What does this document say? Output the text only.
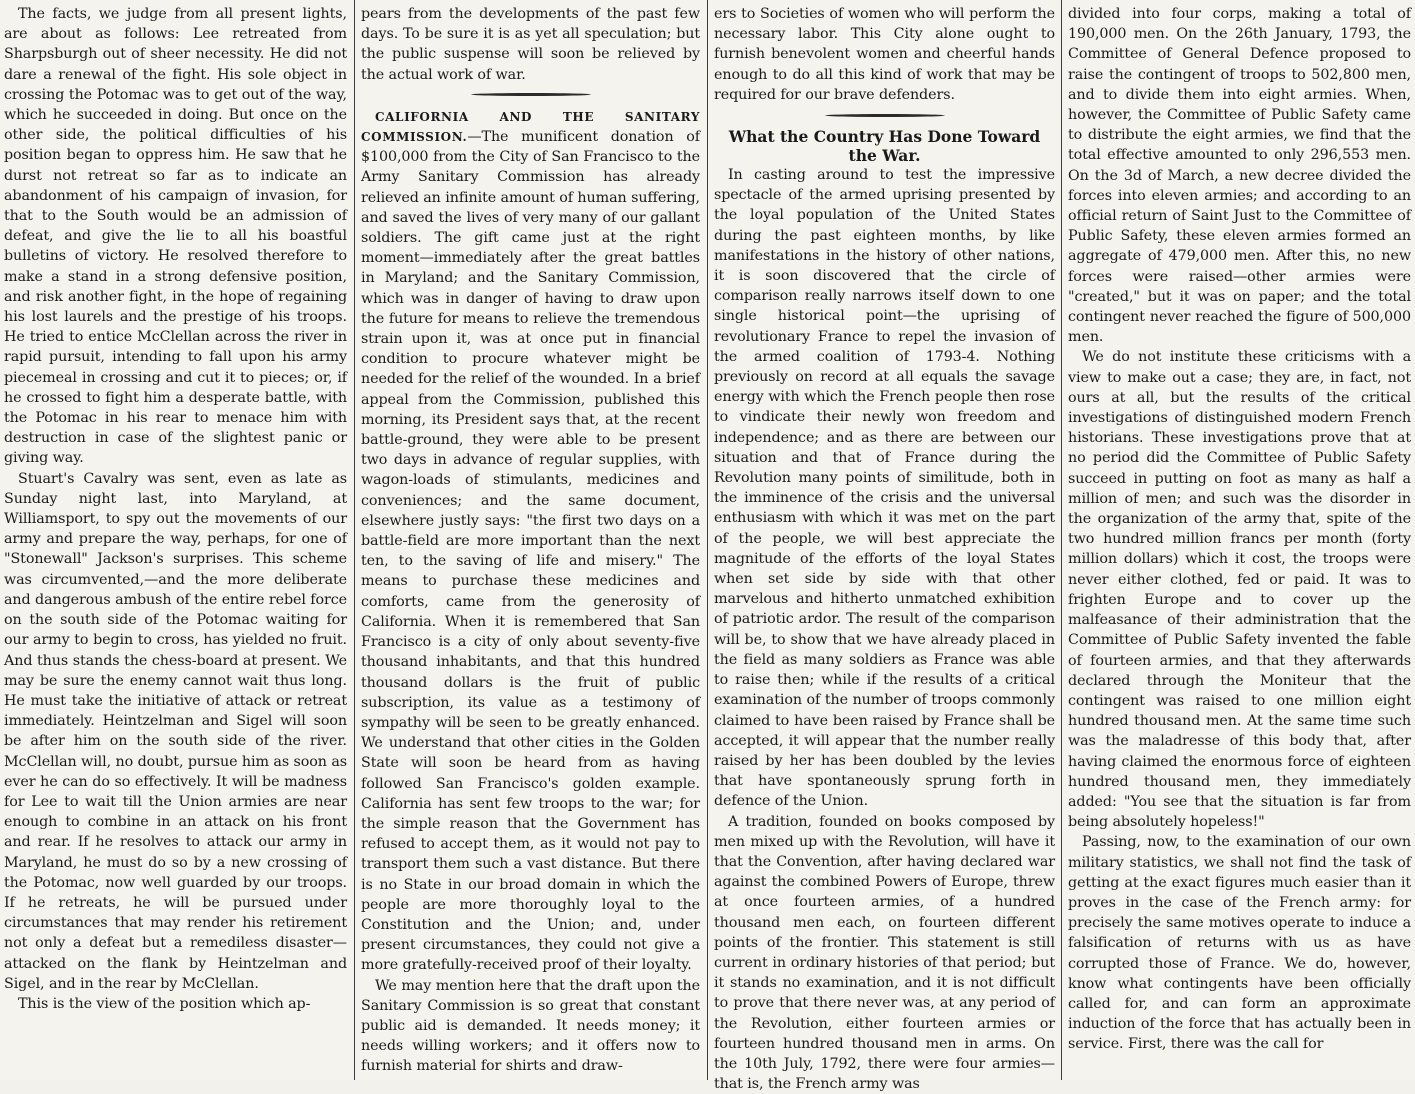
The facts, we judge from all present lights, are about as follows: Lee retreated from Sharpsburgh out of sheer necessity. He did not dare a renewal of the fight. His sole object in crossing the Potomac was to get out of the way, which he succeeded in doing. But once on the other side, the political difficulties of his position began to oppress him. He saw that he durst not retreat so far as to indicate an abandonment of his campaign of invasion, for that to the South would be an admission of defeat, and give the lie to all his boastful bulletins of victory. He resolved therefore to make a stand in a strong defensive position, and risk another fight, in the hope of regaining his lost laurels and the prestige of his troops. He tried to entice McClellan across the river in rapid pursuit, intending to fall upon his army piecemeal in crossing and cut it to pieces; or, if he crossed to fight him a desperate battle, with the Potomac in his rear to menace him with destruction in case of the slightest panic or giving way.

Stuart's Cavalry was sent, even as late as Sunday night last, into Maryland, at Williamsport, to spy out the movements of our army and prepare the way, perhaps, for one of "Stonewall" Jackson's surprises. This scheme was circumvented,—and the more deliberate and dangerous ambush of the entire rebel force on the south side of the Potomac waiting for our army to begin to cross, has yielded no fruit. And thus stands the chess-board at present. We may be sure the enemy cannot wait thus long. He must take the initiative of attack or retreat immediately. Heintzelman and Sigel will soon be after him on the south side of the river. McClellan will, no doubt, pursue him as soon as ever he can do so effectively. It will be madness for Lee to wait till the Union armies are near enough to combine in an attack on his front and rear. If he resolves to attack our army in Maryland, he must do so by a new crossing of the Potomac, now well guarded by our troops. If he retreats, he will be pursued under circumstances that may render his retirement not only a defeat but a remediless disaster—attacked on the flank by Heintzelman and Sigel, and in the rear by McClellan.

This is the view of the position which ap-

pears from the developments of the past few days. To be sure it is as yet all speculation; but the public suspense will soon be relieved by the actual work of war.

CALIFORNIA AND THE SANITARY COMMISSION.—The munificent donation of $100,000 from the City of San Francisco to the Army Sanitary Commission has already relieved an infinite amount of human suffering, and saved the lives of very many of our gallant soldiers. The gift came just at the right moment—immediately after the great battles in Maryland; and the Sanitary Commission, which was in danger of having to draw upon the future for means to relieve the tremendous strain upon it, was at once put in financial condition to procure whatever might be needed for the relief of the wounded. In a brief appeal from the Commission, published this morning, its President says that, at the recent battle-ground, they were able to be present two days in advance of regular supplies, with wagon-loads of stimulants, medicines and conveniences; and the same document, elsewhere justly says: "the first two days on a battle-field are more important than the next ten, to the saving of life and misery." The means to purchase these medicines and comforts, came from the generosity of California. When it is remembered that San Francisco is a city of only about seventy-five thousand inhabitants, and that this hundred thousand dollars is the fruit of public subscription, its value as a testimony of sympathy will be seen to be greatly enhanced. We understand that other cities in the Golden State will soon be heard from as having followed San Francisco's golden example. California has sent few troops to the war; for the simple reason that the Government has refused to accept them, as it would not pay to transport them such a vast distance. But there is no State in our broad domain in which the people are more thoroughly loyal to the Constitution and the Union; and, under present circumstances, they could not give a more gratefully-received proof of their loyalty.

We may mention here that the draft upon the Sanitary Commission is so great that constant public aid is demanded. It needs money; it needs willing workers; and it offers now to furnish material for shirts and draw-

ers to Societies of women who will perform the necessary labor. This City alone ought to furnish benevolent women and cheerful hands enough to do all this kind of work that may be required for our brave defenders.

What the Country Has Done Toward the War.

In casting around to test the impressive spectacle of the armed uprising presented by the loyal population of the United States during the past eighteen months, by like manifestations in the history of other nations, it is soon discovered that the circle of comparison really narrows itself down to one single historical point—the uprising of revolutionary France to repel the invasion of the armed coalition of 1793-4. Nothing previously on record at all equals the savage energy with which the French people then rose to vindicate their newly won freedom and independence; and as there are between our situation and that of France during the Revolution many points of similitude, both in the imminence of the crisis and the universal enthusiasm with which it was met on the part of the people, we will best appreciate the magnitude of the efforts of the loyal States when set side by side with that other marvelous and hitherto unmatched exhibition of patriotic ardor. The result of the comparison will be, to show that we have already placed in the field as many soldiers as France was able to raise then; while if the results of a critical examination of the number of troops commonly claimed to have been raised by France shall be accepted, it will appear that the number really raised by her has been doubled by the levies that have spontaneously sprung forth in defence of the Union.

A tradition, founded on books composed by men mixed up with the Revolution, will have it that the Convention, after having declared war against the combined Powers of Europe, threw at once fourteen armies, of a hundred thousand men each, on fourteen different points of the frontier. This statement is still current in ordinary histories of that period; but it stands no examination, and it is not difficult to prove that there never was, at any period of the Revolution, either fourteen armies or fourteen hundred thousand men in arms. On the 10th July, 1792, there were four armies—that is, the French army was

divided into four corps, making a total of 190,000 men. On the 26th January, 1793, the Committee of General Defence proposed to raise the contingent of troops to 502,800 men, and to divide them into eight armies. When, however, the Committee of Public Safety came to distribute the eight armies, we find that the total effective amounted to only 296,553 men. On the 3d of March, a new decree divided the forces into eleven armies; and according to an official return of Saint Just to the Committee of Public Safety, these eleven armies formed an aggregate of 479,000 men. After this, no new forces were raised—other armies were "created," but it was on paper; and the total contingent never reached the figure of 500,000 men.

We do not institute these criticisms with a view to make out a case; they are, in fact, not ours at all, but the results of the critical investigations of distinguished modern French historians. These investigations prove that at no period did the Committee of Public Safety succeed in putting on foot as many as half a million of men; and such was the disorder in the organization of the army that, spite of the two hundred million francs per month (forty million dollars) which it cost, the troops were never either clothed, fed or paid. It was to frighten Europe and to cover up the malfeasance of their administration that the Committee of Public Safety invented the fable of fourteen armies, and that they afterwards declared through the Moniteur that the contingent was raised to one million eight hundred thousand men. At the same time such was the maladresse of this body that, after having claimed the enormous force of eighteen hundred thousand men, they immediately added: "You see that the situation is far from being absolutely hopeless!"

Passing, now, to the examination of our own military statistics, we shall not find the task of getting at the exact figures much easier than it proves in the case of the French army: for precisely the same motives operate to induce a falsification of returns with us as have corrupted those of France. We do, however, know what contingents have been officially called for, and can form an approximate induction of the force that has actually been in service. First, there was the call for
